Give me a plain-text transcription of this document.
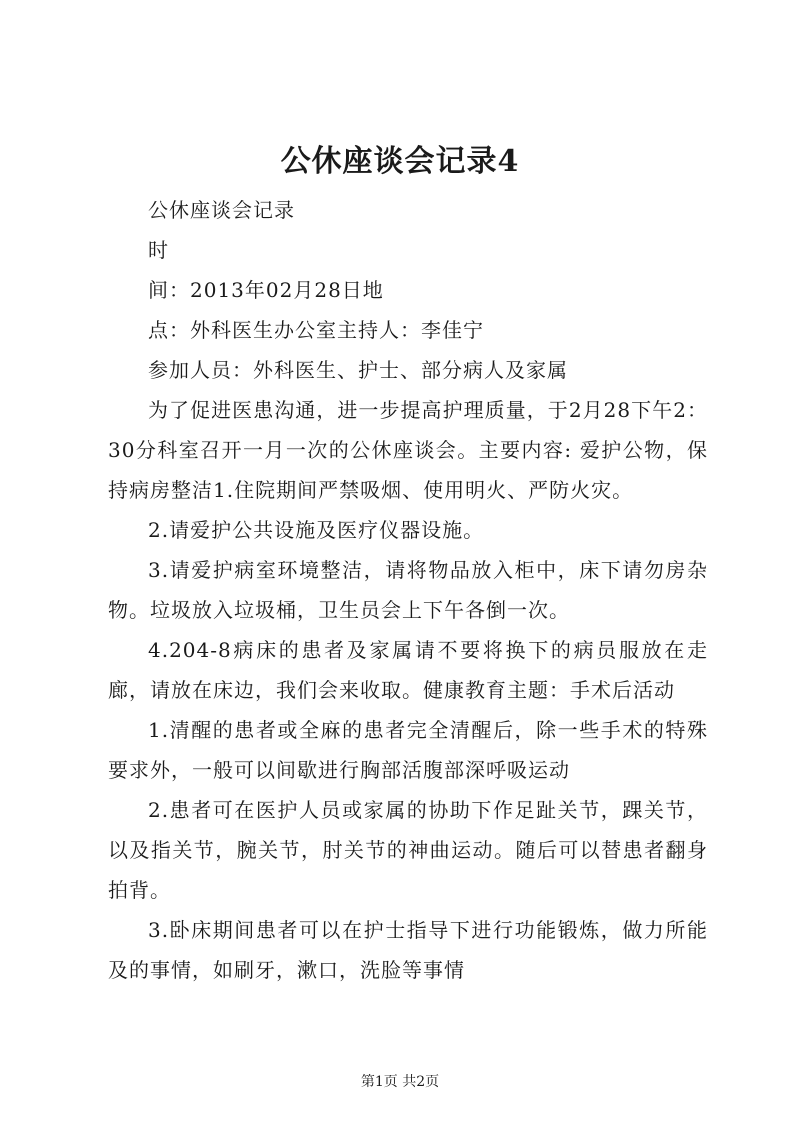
公休座谈会记录4

公休座谈会记录

时

间：2013年02月28日地

点：外科医生办公室主持人：李佳宁

参加人员：外科医生、护士、部分病人及家属

为了促进医患沟通，进一步提高护理质量，于2月28下午2：30分科室召开一月一次的公休座谈会。主要内容: 爱护公物，保持病房整洁1.住院期间严禁吸烟、使用明火、严防火灾。

2.请爱护公共设施及医疗仪器设施。

3.请爱护病室环境整洁，请将物品放入柜中，床下请勿房杂物。垃圾放入垃圾桶，卫生员会上下午各倒一次。

4.204-8病床的患者及家属请不要将换下的病员服放在走廊，请放在床边，我们会来收取。健康教育主题：手术后活动

1.清醒的患者或全麻的患者完全清醒后，除一些手术的特殊要求外，一般可以间歇进行胸部活腹部深呼吸运动

2.患者可在医护人员或家属的协助下作足趾关节，踝关节，以及指关节，腕关节，肘关节的神曲运动。随后可以替患者翻身拍背。

3.卧床期间患者可以在护士指导下进行功能锻炼，做力所能及的事情，如刷牙，漱口，洗脸等事情

第1页 共2页
